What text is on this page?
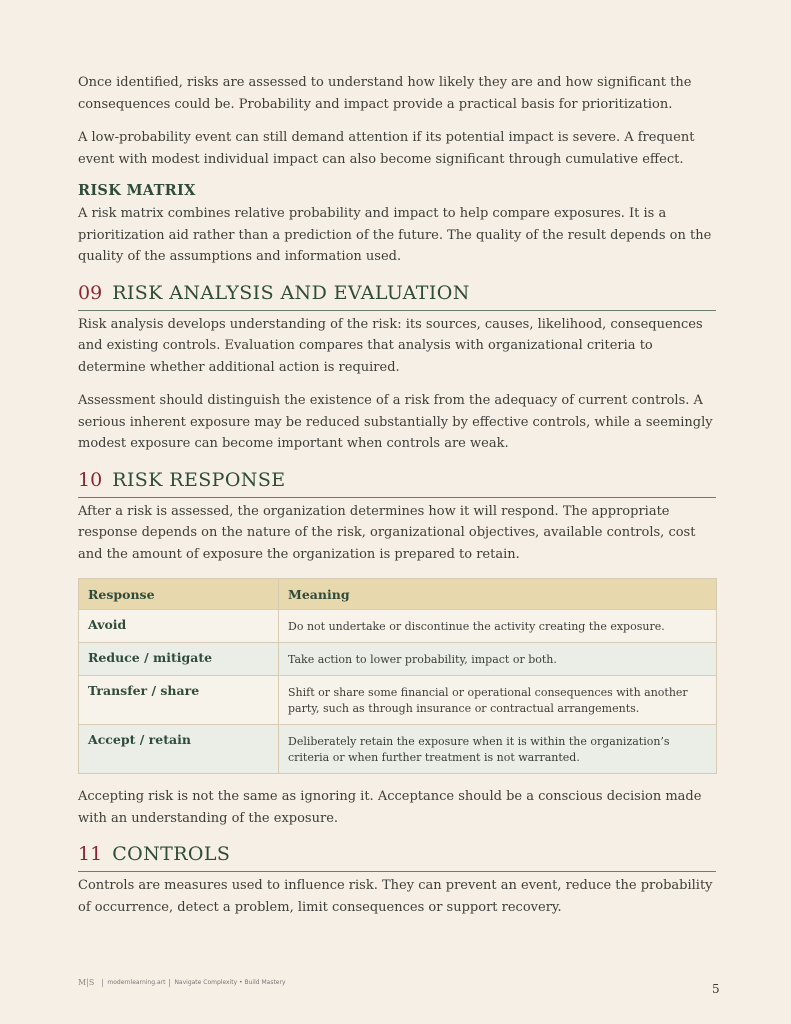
Once identified, risks are assessed to understand how likely they are and how significant the consequences could be. Probability and impact provide a practical basis for prioritization.

A low-probability event can still demand attention if its potential impact is severe. A frequent event with modest individual impact can also become significant through cumulative effect.

RISK MATRIX

A risk matrix combines relative probability and impact to help compare exposures. It is a prioritization aid rather than a prediction of the future. The quality of the result depends on the quality of the assumptions and information used.

09 RISK ANALYSIS AND EVALUATION

Risk analysis develops understanding of the risk: its sources, causes, likelihood, consequences and existing controls. Evaluation compares that analysis with organizational criteria to determine whether additional action is required.

Assessment should distinguish the existence of a risk from the adequacy of current controls. A serious inherent exposure may be reduced substantially by effective controls, while a seemingly modest exposure can become important when controls are weak.

10 RISK RESPONSE

After a risk is assessed, the organization determines how it will respond. The appropriate response depends on the nature of the risk, organizational objectives, available controls, cost and the amount of exposure the organization is prepared to retain.

Response	Meaning
Avoid	Do not undertake or discontinue the activity creating the exposure.
Reduce / mitigate	Take action to lower probability, impact or both.
Transfer / share	Shift or share some financial or operational consequences with another party, such as through insurance or contractual arrangements.
Accept / retain	Deliberately retain the exposure when it is within the organization’s criteria or when further treatment is not warranted.

Accepting risk is not the same as ignoring it. Acceptance should be a conscious decision made with an understanding of the exposure.

11 CONTROLS

Controls are measures used to influence risk. They can prevent an event, reduce the probability of occurrence, detect a problem, limit consequences or support recovery.

M|S modernlearning.art Navigate Complexity • Build Mastery	5
